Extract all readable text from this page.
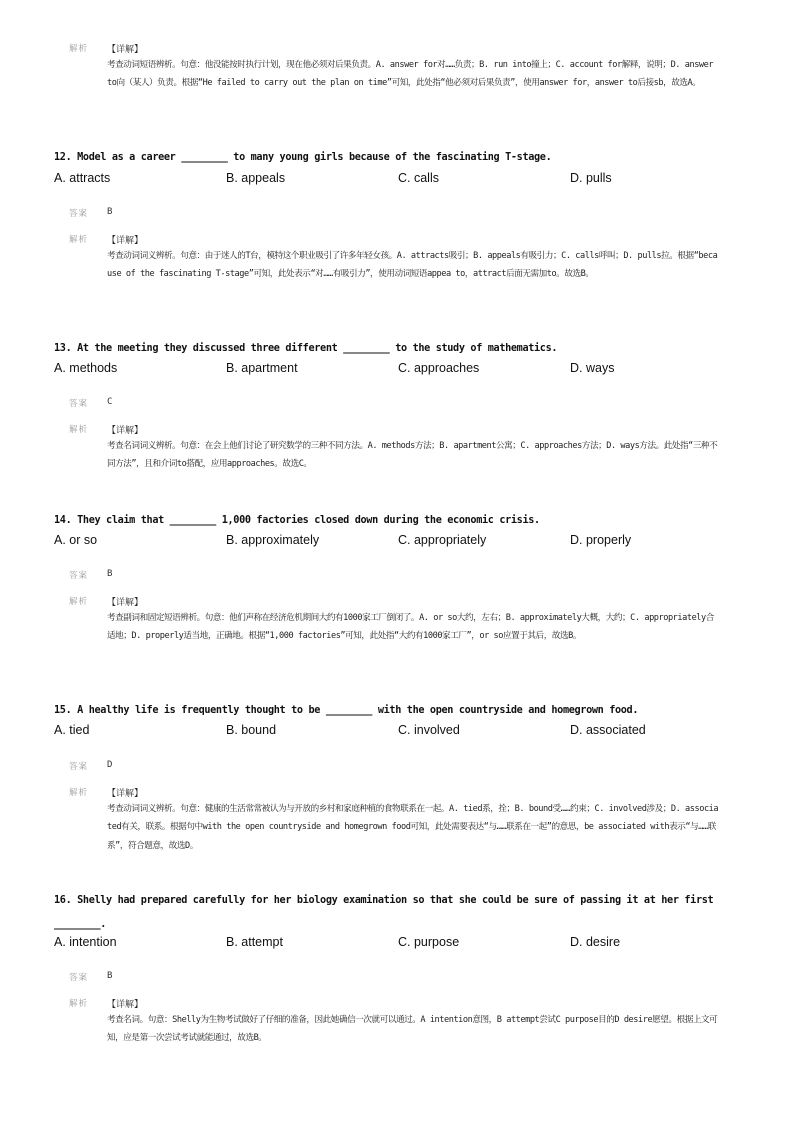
解析 【详解】
考查动词短语辨析。句意：他没能按时执行计划，现在他必须对后果负责。A. answer for对……负责；B. run into撞上；C. account for解释，说明；D. answer to向（某人）负责。根据“He failed to carry out the plan on time”可知，此处指“他必须对后果负责”，使用answer for，answer to后接sb，故选A。
12. Model as a career ________ to many young girls because of the fascinating T-stage.
A. attracts	B. appeals	C. calls	D. pulls
答案 B
解析 【详解】
考查动词词义辨析。句意：由于迷人的T台，模特这个职业吸引了许多年轻女孩。A. attracts吸引；B. appeals有吸引力；C. calls呼叫；D. pulls拉。根据“because of the fascinating T-stage”可知，此处表示“对……有吸引力”，使用动词短语appea to，attract后面无需加to。故选B。
13. At the meeting they discussed three different ________ to the study of mathematics.
A. methods	B. apartment	C. approaches	D. ways
答案 C
解析 【详解】
考查名词词义辨析。句意：在会上他们讨论了研究数学的三种不同方法。A. methods方法；B. apartment公寓；C. approaches方法；D. ways方法。此处指“三种不同方法”，且和介词to搭配，应用approaches。故选C。
14. They claim that ________ 1,000 factories closed down during the economic crisis.
A. or so	B. approximately	C. appropriately	D. properly
答案 B
解析 【详解】
考查副词和固定短语辨析。句意：他们声称在经济危机期间大约有1000家工厂倒闭了。A. or so大约，左右；B. approximately大概，大约；C. appropriately合适地；D. properly适当地，正确地。根据“1,000 factories”可知，此处指“大约有1000家工厂”，or so应置于其后，故选B。
15. A healthy life is frequently thought to be ________ with the open countryside and homegrown food.
A. tied	B. bound	C. involved	D. associated
答案 D
解析 【详解】
考查动词词义辨析。句意：健康的生活常常被认为与开放的乡村和家庭种植的食物联系在一起。A. tied系，拴；B. bound受……约束；C. involved涉及；D. associated有关，联系。根据句中with the open countryside and homegrown food可知，此处需要表达“与……联系在一起”的意思，be associated with表示“与……联系”，符合题意，故选D。
16. Shelly had prepared carefully for her biology examination so that she could be sure of passing it at her first ________.
A. intention	B. attempt	C. purpose	D. desire
答案 B
解析 【详解】
考查名词。句意：Shelly为生物考试做好了仔细的准备，因此她确信一次就可以通过。A intention意图，B attempt尝试C purpose目的D desire愿望。根据上文可知，应是第一次尝试考试就能通过，故选B。
